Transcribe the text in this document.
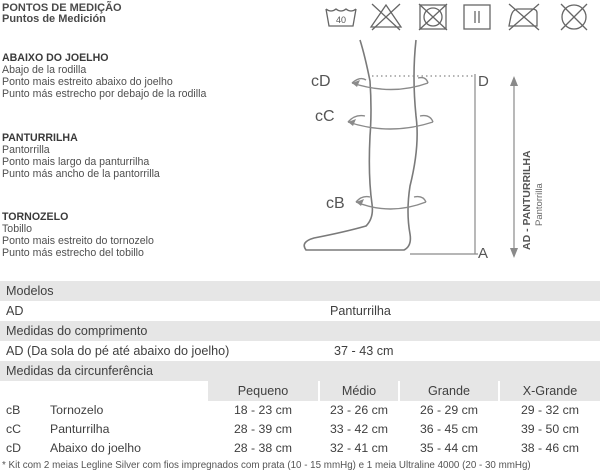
PONTOS DE MEDIÇÃO
Puntos de Medición	40
ABAIXO DO JOELHO
Abajo de la rodilla
Ponto mais estreito abaixo do joelho
Punto más estrecho por debajo de la rodilla
PANTURRILHA
Pantorrilla
Ponto mais largo da panturrilha
Punto más ancho de la pantorrilla
TORNOZELO
Tobillo
Ponto mais estreito do tornozelo
Punto más estrecho del tobillo
cD
cC
cB
D
A
AD - PANTURRILHA Pantorrilla
Modelos
AD	Panturrilha
Medidas do comprimento
AD (Da sola do pé até abaixo do joelho)	37 - 43 cm
Medidas da circunferência
Pequeno	Médio	Grande	X-Grande
cB Tornozelo	18 - 23 cm	23 - 26 cm	26 - 29 cm	29 - 32 cm
cC Panturrilha	28 - 39 cm	33 - 42 cm	36 - 45 cm	39 - 50 cm
cD Abaixo do joelho	28 - 38 cm	32 - 41 cm	35 - 44 cm	38 - 46 cm
* Kit com 2 meias Legline Silver com fios impregnados com prata (10 - 15 mmHg) e 1 meia Ultraline 4000 (20 - 30 mmHg)
